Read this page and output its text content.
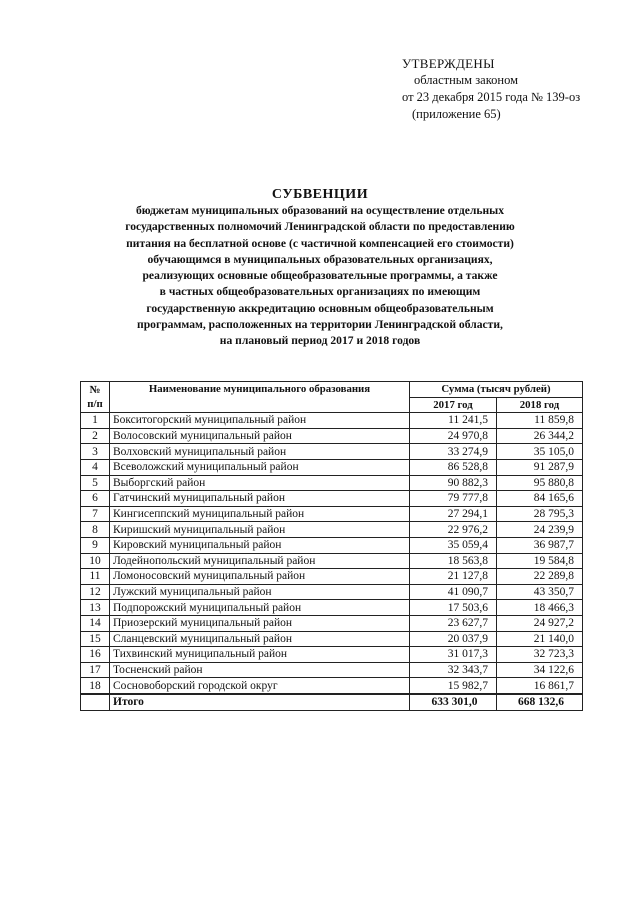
УТВЕРЖДЕНЫ
областным законом
от 23 декабря 2015 года № 139-оз
(приложение 65)
СУБВЕНЦИИ
бюджетам муниципальных образований на осуществление отдельных
государственных полномочий Ленинградской области по предоставлению
питания на бесплатной основе (с частичной компенсацией его стоимости)
обучающимся в муниципальных образовательных организациях,
реализующих основные общеобразовательные программы, а также
в частных общеобразовательных организациях по имеющим
государственную аккредитацию основным общеобразовательным
программам, расположенных на территории Ленинградской области,
на плановый период 2017 и 2018 годов
№
п/п	Наименование муниципального образования	Сумма (тысяч рублей)	
		2017 год	2018 год
1	Бокситогорский муниципальный район	11 241,5	11 859,8
2	Волосовский муниципальный район	24 970,8	26 344,2
3	Волховский муниципальный район	33 274,9	35 105,0
4	Всеволожский муниципальный район	86 528,8	91 287,9
5	Выборгский район	90 882,3	95 880,8
6	Гатчинский муниципальный район	79 777,8	84 165,6
7	Кингисеппский муниципальный район	27 294,1	28 795,3
8	Киришский муниципальный район	22 976,2	24 239,9
9	Кировский муниципальный район	35 059,4	36 987,7
10	Лодейнопольский муниципальный район	18 563,8	19 584,8
11	Ломоносовский муниципальный район	21 127,8	22 289,8
12	Лужский муниципальный район	41 090,7	43 350,7
13	Подпорожский муниципальный район	17 503,6	18 466,3
14	Приозерский муниципальный район	23 627,7	24 927,2
15	Сланцевский муниципальный район	20 037,9	21 140,0
16	Тихвинский муниципальный район	31 017,3	32 723,3
17	Тосненский район	32 343,7	34 122,6
18	Сосновоборский городской округ	15 982,7	16 861,7
	Итого	633 301,0	668 132,6
